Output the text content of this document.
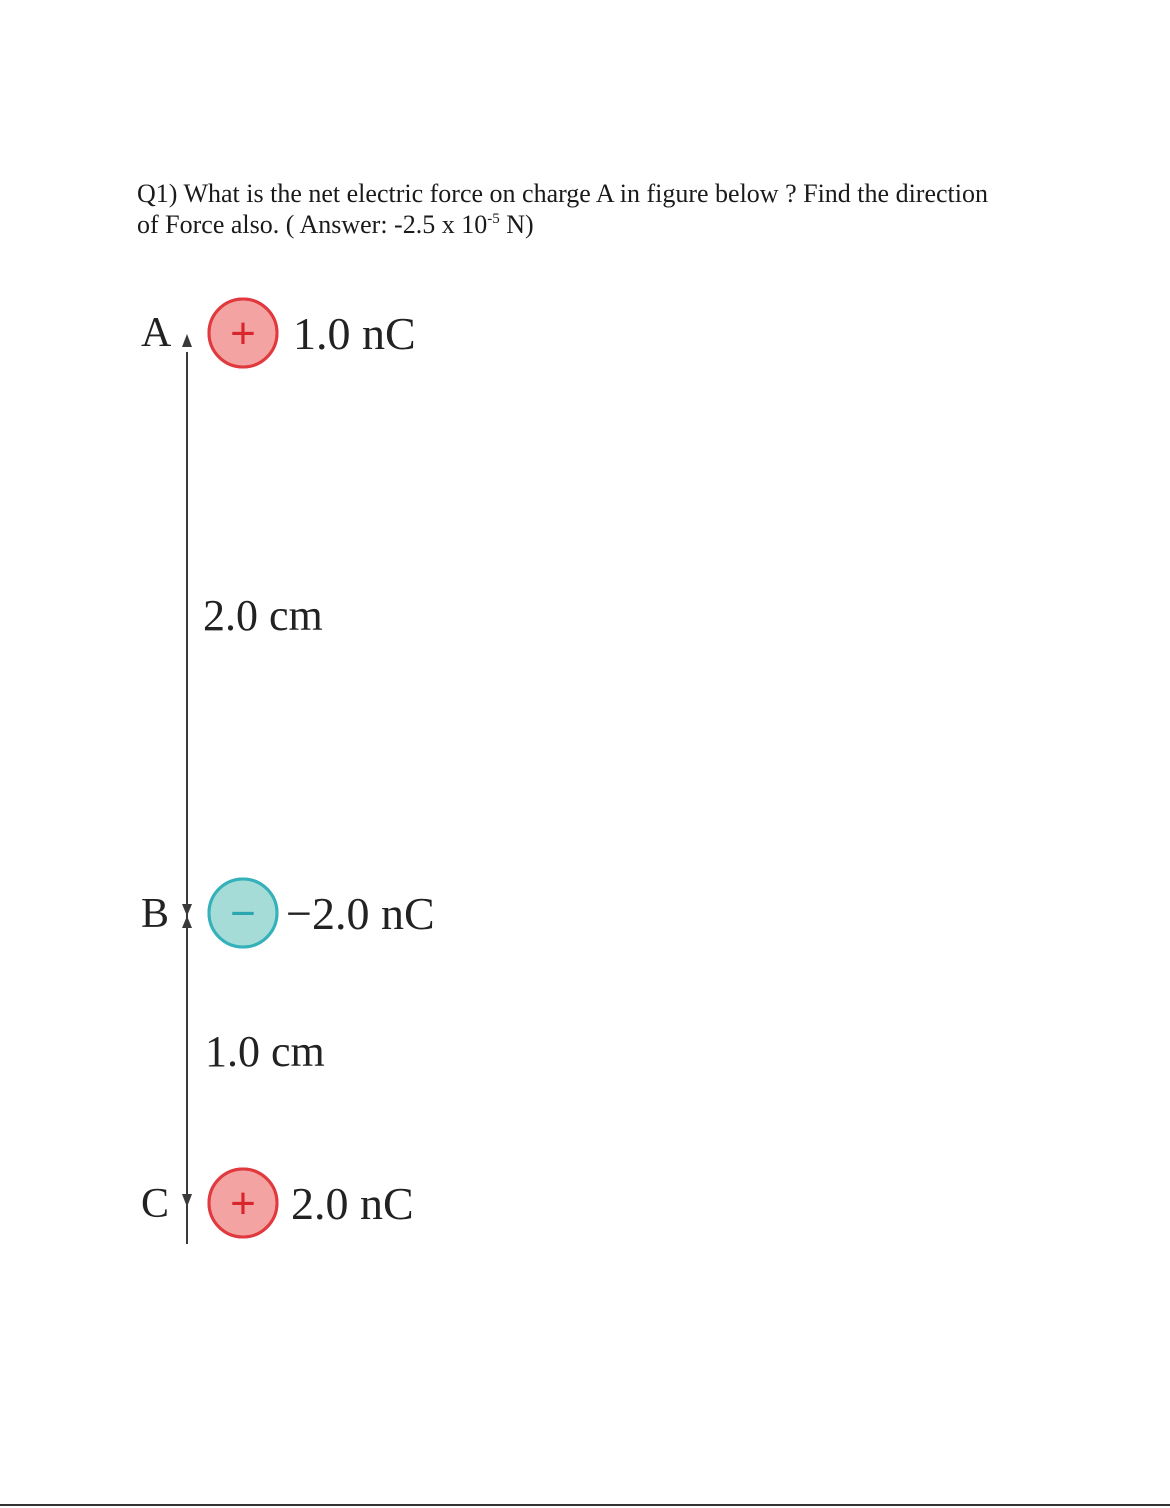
Q1) What is the net electric force on charge A in figure below ? Find the direction
of Force also. ( Answer: -2.5 x $10^{-5}$ N)
+
−
+
A
B
C
1.0 nC
−2.0 nC
2.0 nC
2.0 cm
1.0 cm
